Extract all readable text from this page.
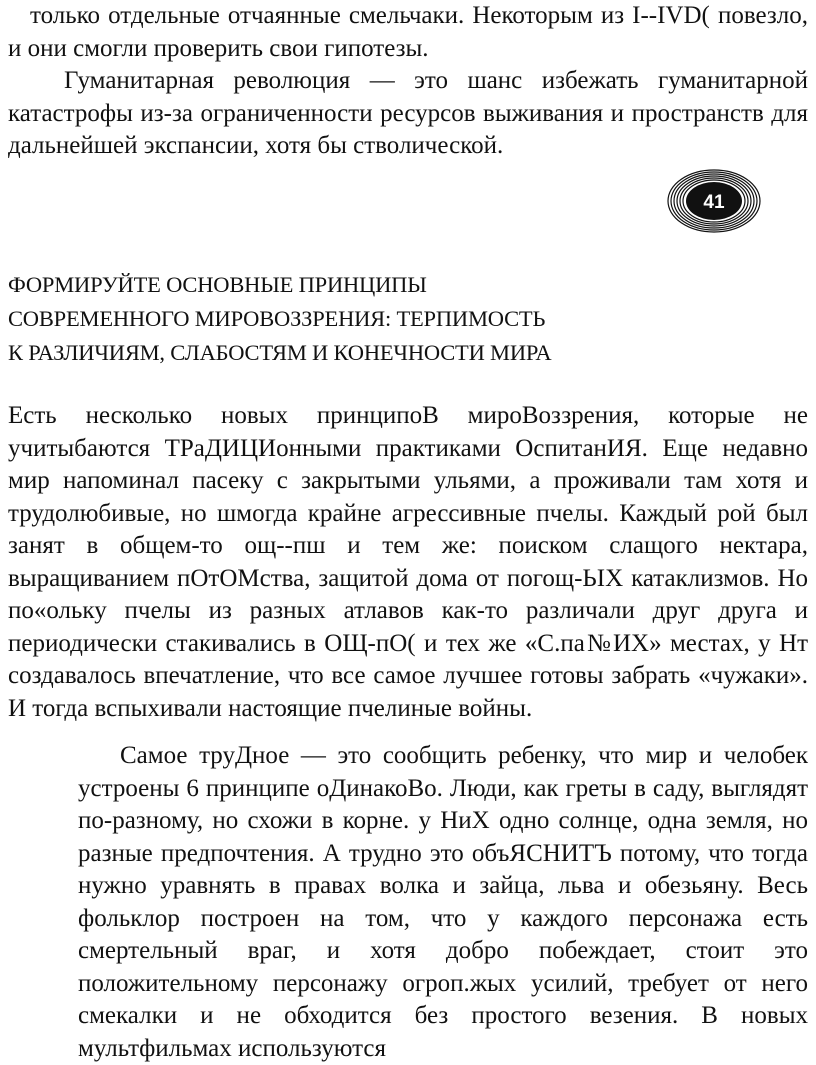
только отдельные отчаянные смельчаки. Некоторым из I--IVD( повезло, и они смогли проверить свои гипотезы.

Гуманитарная революция — это шанс избежать гуманитарной катастрофы из-за ограниченности ресурсов выживания и пространств для дальнейшей экспансии, хотя бы стволической.

41
ФОРМИРУЙТЕ ОСНОВНЫЕ ПРИНЦИПЫ
СОВРЕМЕННОГО МИРОВОЗЗРЕНИЯ: ТЕРПИМОСТЬ
К РАЗЛИЧИЯМ, СЛАБОСТЯМ И КОНЕЧНОСТИ МИРА

Есть несколько новых принципоВ мироВоззрения, которые не учитыбаются ТРаДИЦИонными практиками ОспитанИЯ. Еще недавно мир напоминал пасеку с закрытыми ульями, а проживали там хотя и трудолюбивые, но шмогда крайне агрессивные пчелы. Каждый рой был занят в общем-то ощ--пш и тем же: поиском слащого нектара, выращиванием пОтОМства, защитой дома от погощ-ЬIХ катаклизмов. Но по«ольку пчелы из разных атлавов как-то различали друг друга и периодически стакивались в ОЩ-пО( и тех же «С.па№ИХ» местах, у Нт создавалось впечатление, что все самое лучшее готовы забрать «чужаки». И тогда вспыхивали настоящие пчелиные войны.

Самое труДное — это сообщить ребенку, что мир и челобек устроены 6 принципе оДинакоВо. Люди, как греты в саду, выглядят по-разному, но схожи в корне. у НиХ одно солнце, одна земля, но разные предпочтения. А трудно это объЯСНИТЪ потому, что тогда нужно уравнять в правах волка и зайца, льва и обезьяну. Весь фольклор построен на том, что у каждого персонажа есть смертельный враг, и хотя добро побеждает, стоит это положительному персонажу огроп.жых усилий, требует от него смекалки и не обходится без простого везения. В новых мультфильмах используются
